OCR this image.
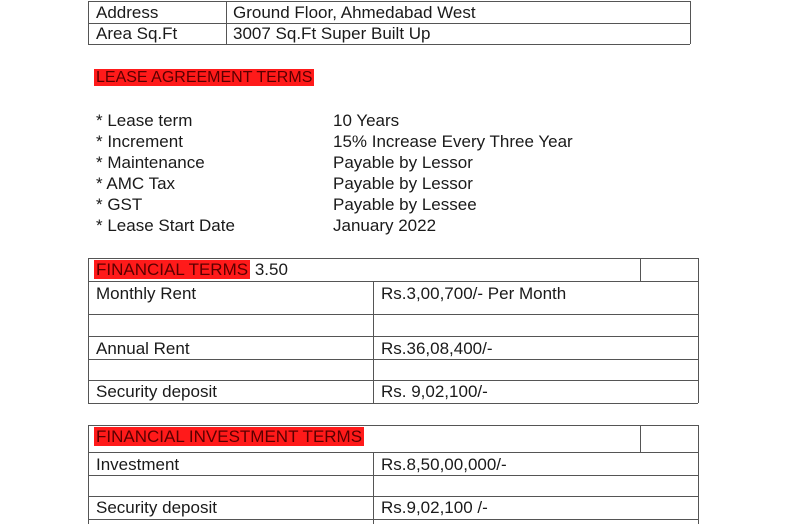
Address	Ground Floor, Ahmedabad West
Area Sq.Ft	3007 Sq.Ft Super Built Up
LEASE AGREEMENT TERMS
* Lease term	10 Years
* Increment	15% Increase Every Three Year
* Maintenance	Payable by Lessor
* AMC Tax	Payable by Lessor
* GST	Payable by Lessee
* Lease Start Date	January 2022
FINANCIAL TERMS 3.50
Monthly Rent	Rs.3,00,700/- Per Month
Annual Rent	Rs.36,08,400/-
Security deposit	Rs. 9,02,100/-
FINANCIAL INVESTMENT TERMS
Investment	Rs.8,50,00,000/-
Security deposit	Rs.9,02,100 /-
